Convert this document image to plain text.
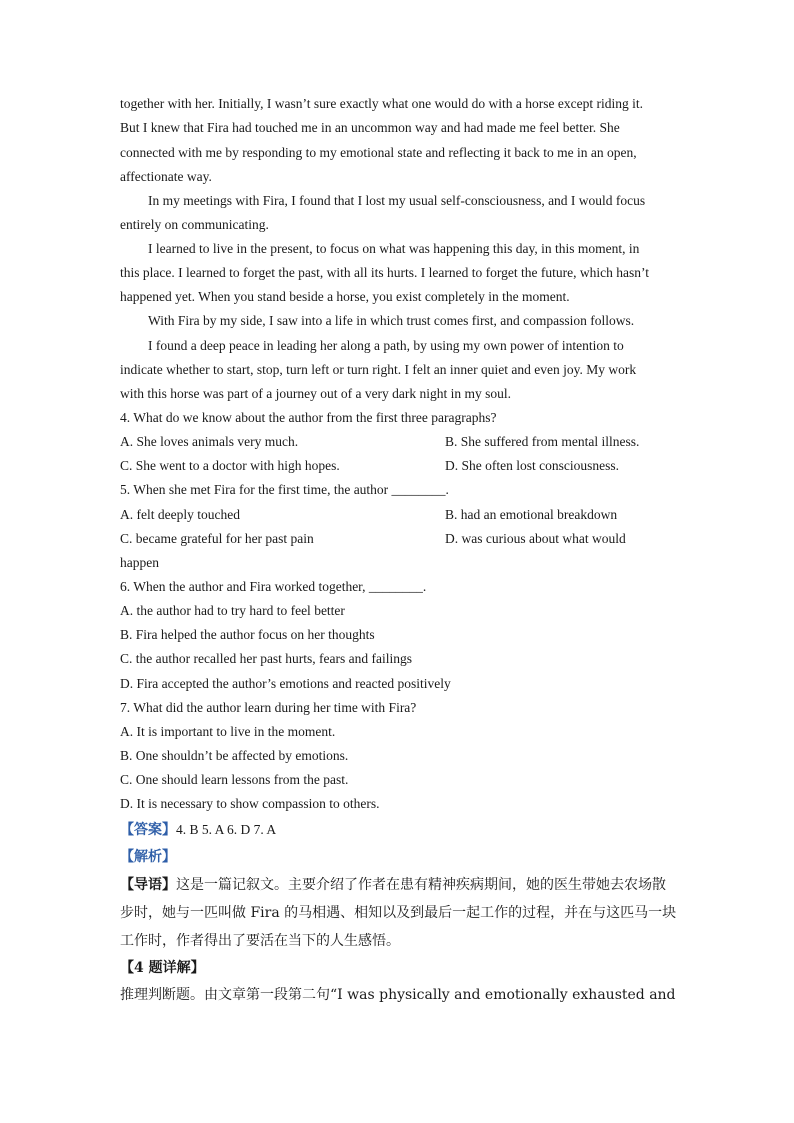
together with her. Initially, I wasn’t sure exactly what one would do with a horse except riding it.

But I knew that Fira had touched me in an uncommon way and had made me feel better. She

connected with me by responding to my emotional state and reflecting it back to me in an open,

affectionate way.

In my meetings with Fira, I found that I lost my usual self-consciousness, and I would focus

entirely on communicating.

I learned to live in the present, to focus on what was happening this day, in this moment, in

this place. I learned to forget the past, with all its hurts. I learned to forget the future, which hasn’t

happened yet. When you stand beside a horse, you exist completely in the moment.

With Fira by my side, I saw into a life in which trust comes first, and compassion follows.

I found a deep peace in leading her along a path, by using my own power of intention to

indicate whether to start, stop, turn left or turn right. I felt an inner quiet and even joy. My work

with this horse was part of a journey out of a very dark night in my soul.

4. What do we know about the author from the first three paragraphs?

A. She loves animals very much.	B. She suffered from mental illness.

C. She went to a doctor with high hopes.	D. She often lost consciousness.

5. When she met Fira for the first time, the author ________.

A. felt deeply touched	B. had an emotional breakdown

C. became grateful for her past pain	D. was curious about what would

happen

6. When the author and Fira worked together, ________.

A. the author had to try hard to feel better

B. Fira helped the author focus on her thoughts

C. the author recalled her past hurts, fears and failings

D. Fira accepted the author’s emotions and reacted positively

7. What did the author learn during her time with Fira?

A. It is important to live in the moment.

B. One shouldn’t be affected by emotions.

C. One should learn lessons from the past.

D. It is necessary to show compassion to others.

【答案】4. B 5. A 6. D 7. A

【解析】

【导语】这是一篇记叙文。主要介绍了作者在患有精神疾病期间，她的医生带她去农场散

步时，她与一匹叫做 Fira 的马相遇、相知以及到最后一起工作的过程，并在与这匹马一块

工作时，作者得出了要活在当下的人生感悟。

【4 题详解】

推理判断题。由文章第一段第二句“I was physically and emotionally exhausted and
